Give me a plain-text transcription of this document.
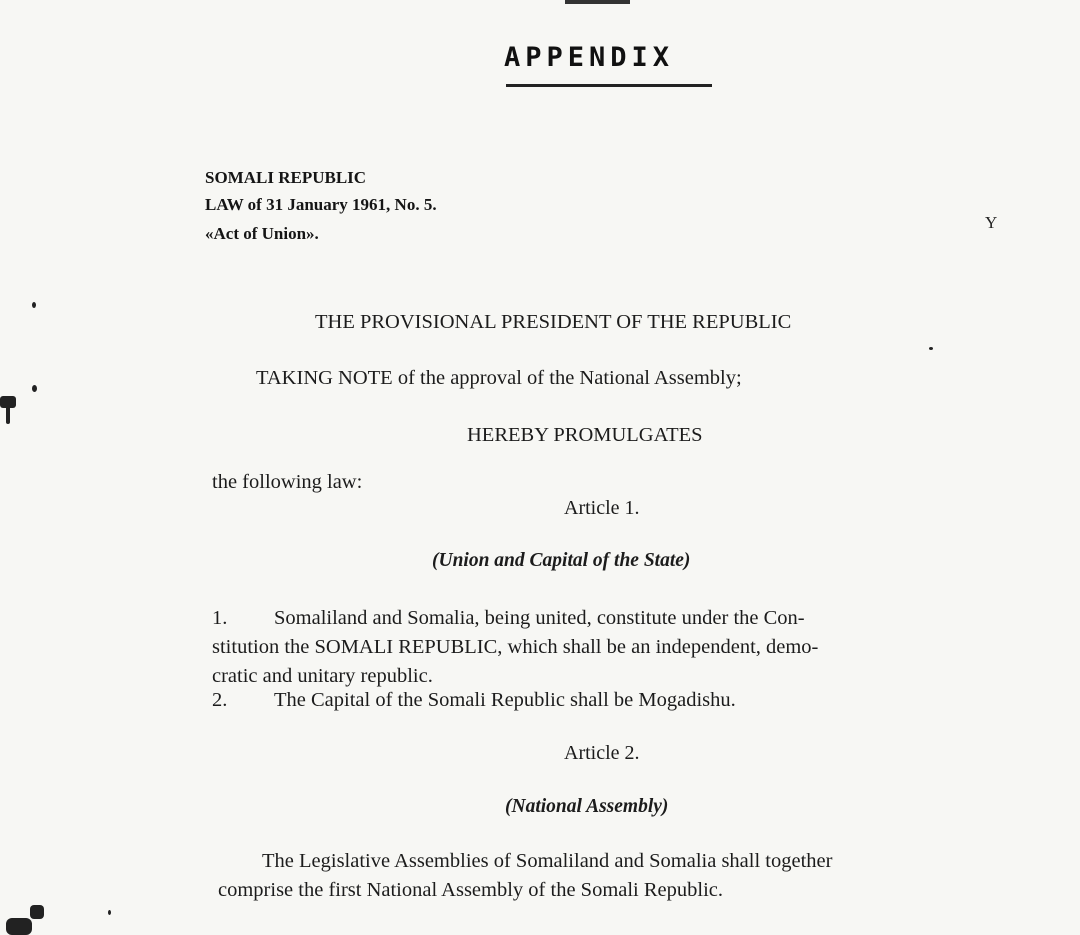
APPENDIX
SOMALI REPUBLIC
LAW of 31 January 1961, No. 5.
«Act of Union».
Y
THE PROVISIONAL PRESIDENT OF THE REPUBLIC
TAKING NOTE of the approval of the National Assembly;
HEREBY PROMULGATES
the following law:
Article 1.
(Union and Capital of the State)
1. Somaliland and Somalia, being united, constitute under the Con-
stitution the SOMALI REPUBLIC, which shall be an independent, demo-
cratic and unitary republic.
2. The Capital of the Somali Republic shall be Mogadishu.
Article 2.
(National Assembly)
The Legislative Assemblies of Somaliland and Somalia shall together
comprise the first National Assembly of the Somali Republic.
